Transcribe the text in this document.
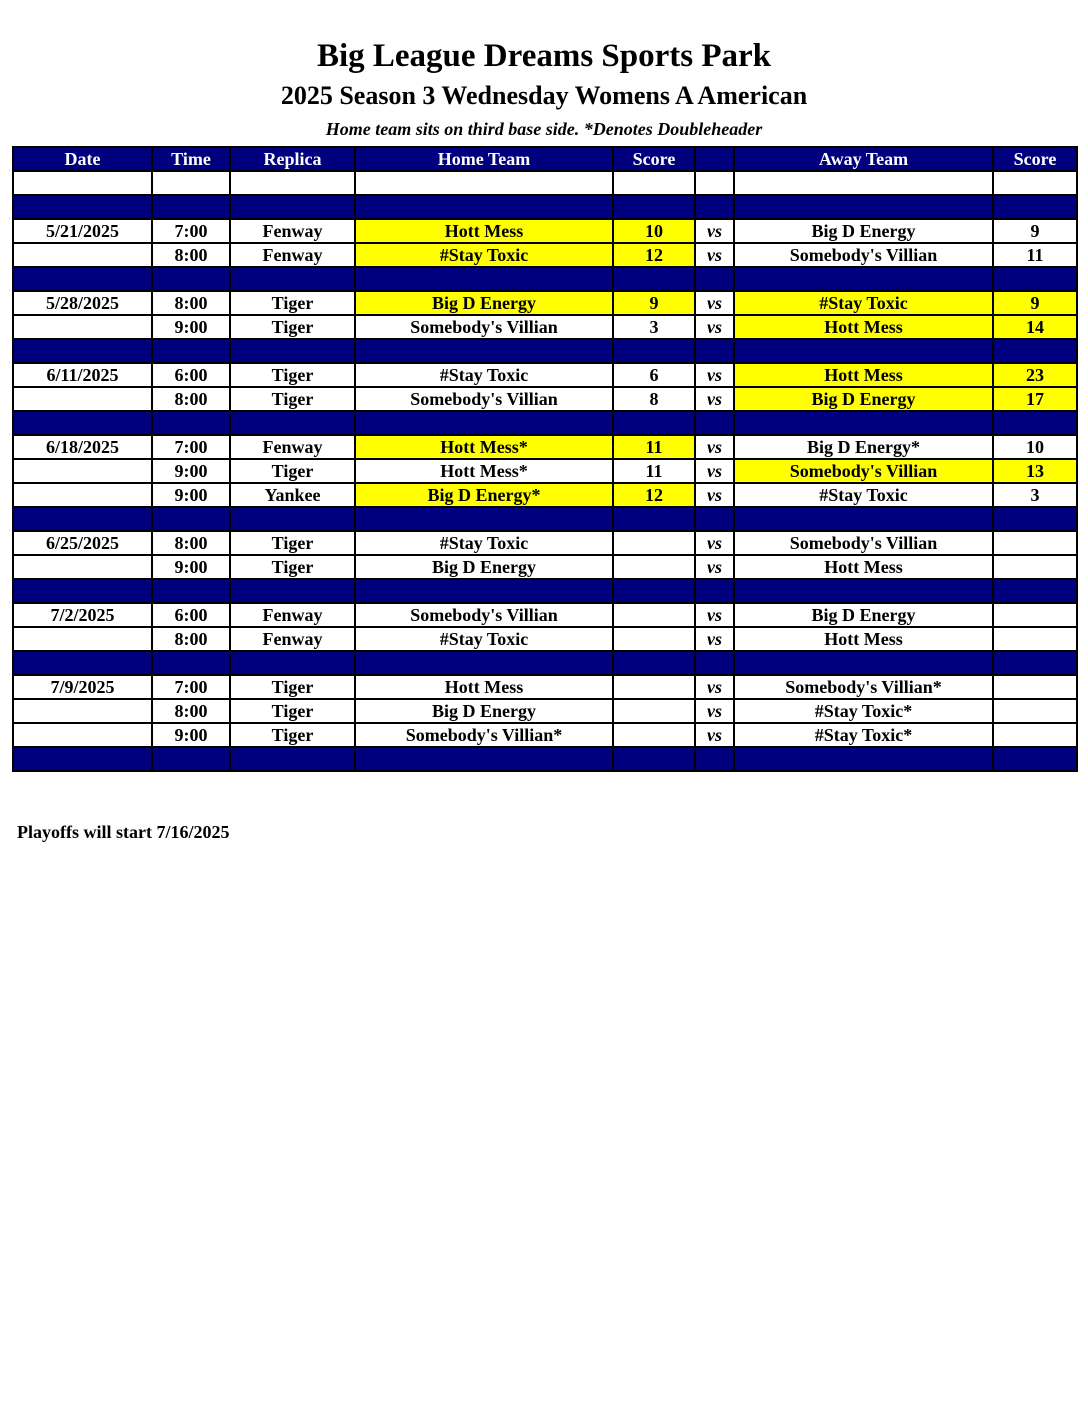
Big League Dreams Sports Park
2025 Season 3 Wednesday Womens A American
Home team sits on third base side. *Denotes Doubleheader
Date	Time	Replica	Home Team	Score		Away Team	Score

5/21/2025	7:00	Fenway	Hott Mess	10	vs	Big D Energy	9
	8:00	Fenway	#Stay Toxic	12	vs	Somebody's Villian	11

5/28/2025	8:00	Tiger	Big D Energy	9	vs	#Stay Toxic	9
	9:00	Tiger	Somebody's Villian	3	vs	Hott Mess	14

6/11/2025	6:00	Tiger	#Stay Toxic	6	vs	Hott Mess	23
	8:00	Tiger	Somebody's Villian	8	vs	Big D Energy	17

6/18/2025	7:00	Fenway	Hott Mess*	11	vs	Big D Energy*	10
	9:00	Tiger	Hott Mess*	11	vs	Somebody's Villian	13
	9:00	Yankee	Big D Energy*	12	vs	#Stay Toxic	3

6/25/2025	8:00	Tiger	#Stay Toxic		vs	Somebody's Villian	
	9:00	Tiger	Big D Energy		vs	Hott Mess	

7/2/2025	6:00	Fenway	Somebody's Villian		vs	Big D Energy	
	8:00	Fenway	#Stay Toxic		vs	Hott Mess	

7/9/2025	7:00	Tiger	Hott Mess		vs	Somebody's Villian*	
	8:00	Tiger	Big D Energy		vs	#Stay Toxic*	
	9:00	Tiger	Somebody's Villian*		vs	#Stay Toxic*	

Playoffs will start 7/16/2025
